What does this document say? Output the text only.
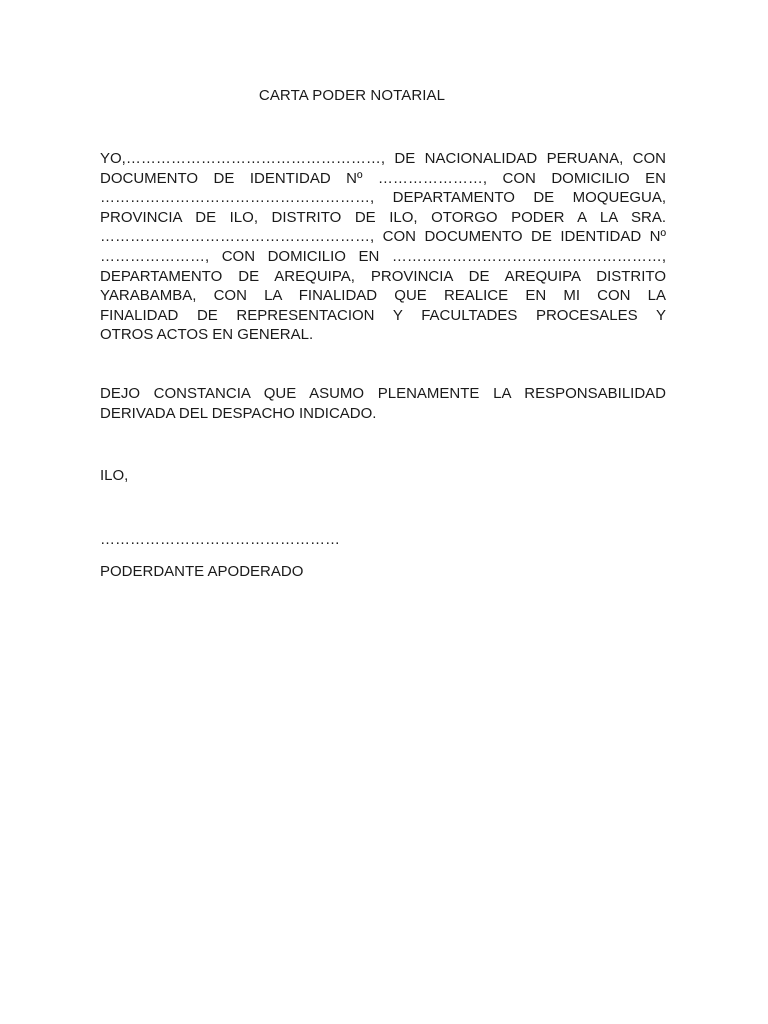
CARTA PODER NOTARIAL
YO,……………………………………………, DE NACIONALIDAD PERUANA, CON
DOCUMENTO DE IDENTIDAD Nº …………………, CON DOMICILIO EN
………………………………………………, DEPARTAMENTO DE MOQUEGUA,
PROVINCIA DE ILO, DISTRITO DE ILO, OTORGO PODER A LA SRA.
………………………………………………, CON DOCUMENTO DE IDENTIDAD Nº
…………………, CON DOMICILIO EN ………………………………………………,
DEPARTAMENTO DE AREQUIPA, PROVINCIA DE AREQUIPA DISTRITO
YARABAMBA, CON LA FINALIDAD QUE REALICE EN MI CON LA
FINALIDAD DE REPRESENTACION Y FACULTADES PROCESALES Y
OTROS ACTOS EN GENERAL.
DEJO CONSTANCIA QUE ASUMO PLENAMENTE LA RESPONSABILIDAD
DERIVADA DEL DESPACHO INDICADO.
ILO,
…………………………………………
PODERDANTE APODERADO
